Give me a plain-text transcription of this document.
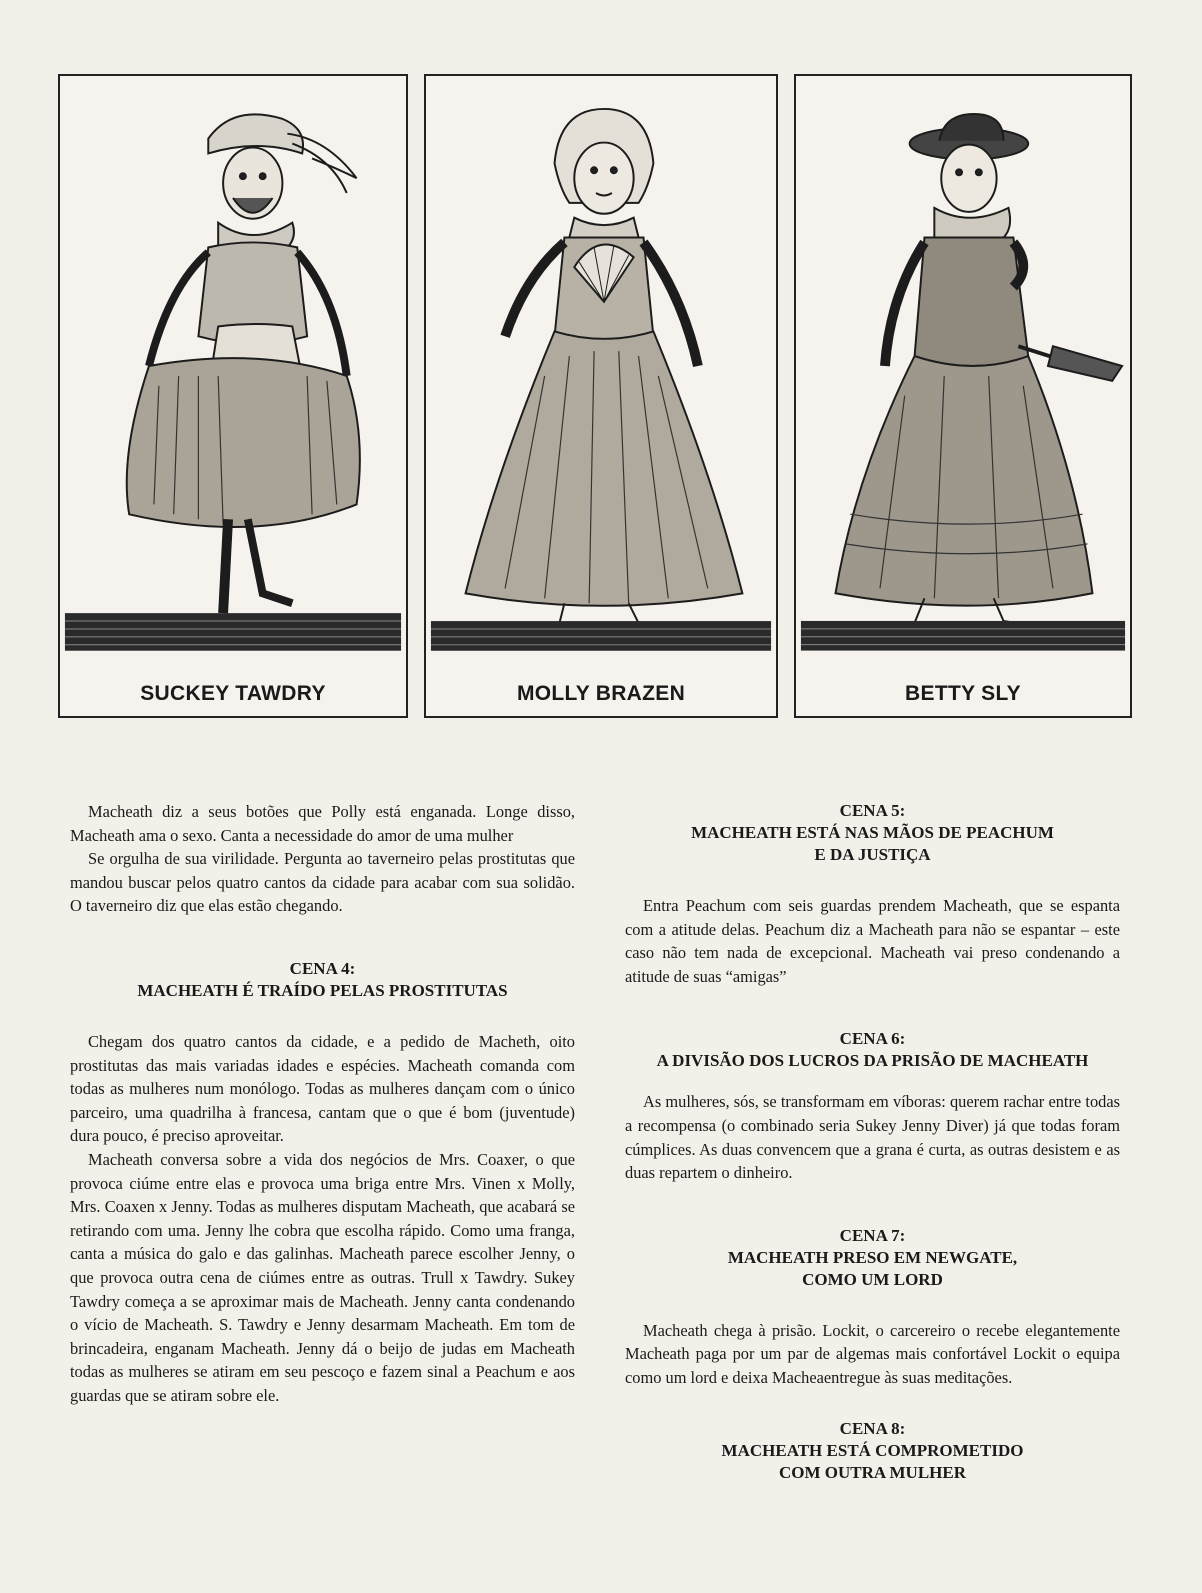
SUCKEY TAWDRY	MOLLY BRAZEN	BETTY SLY

Macheath diz a seus botões que Polly está enganada. Longe disso, Macheath ama o sexo. Canta a necessidade do amor de uma mulher

Se orgulha de sua virilidade. Pergunta ao taverneiro pelas prostitutas que mandou buscar pelos quatro cantos da cidade para acabar com sua solidão. O taverneiro diz que elas estão chegando.

CENA 4:
MACHEATH É TRAÍDO PELAS PROSTITUTAS

Chegam dos quatro cantos da cidade, e a pedido de Macheth, oito prostitutas das mais variadas idades e espécies. Macheath comanda com todas as mulheres num monólogo. Todas as mulheres dançam com o único parceiro, uma quadrilha à francesa, cantam que o que é bom (juventude) dura pouco, é preciso aproveitar.

Macheath conversa sobre a vida dos negócios de Mrs. Coaxer, o que provoca ciúme entre elas e provoca uma briga entre Mrs. Vinen x Molly, Mrs. Coaxen x Jenny. Todas as mulheres disputam Macheath, que acabará se retirando com uma. Jenny lhe cobra que escolha rápido. Como uma franga, canta a música do galo e das galinhas. Macheath parece escolher Jenny, o que provoca outra cena de ciúmes entre as outras. Trull x Tawdry. Sukey Tawdry começa a se aproximar mais de Macheath. Jenny canta condenando o vício de Macheath. S. Tawdry e Jenny desarmam Macheath. Em tom de brincadeira, enganam Macheath. Jenny dá o beijo de judas em Macheath todas as mulheres se atiram em seu pescoço e fazem sinal a Peachum e aos guardas que se atiram sobre ele.

CENA 5:
MACHEATH ESTÁ NAS MÃOS DE PEACHUM
E DA JUSTIÇA

Entra Peachum com seis guardas prendem Macheath, que se espanta com a atitude delas. Peachum diz a Macheath para não se espantar – este caso não tem nada de excepcional. Macheath vai preso condenando a atitude de suas “amigas”

CENA 6:
A DIVISÃO DOS LUCROS DA PRISÃO DE MACHEATH

As mulheres, sós, se transformam em víboras: querem rachar entre todas a recompensa (o combinado seria Sukey Jenny Diver) já que todas foram cúmplices. As duas convencem que a grana é curta, as outras desistem e as duas repartem o dinheiro.

CENA 7:
MACHEATH PRESO EM NEWGATE,
COMO UM LORD

Macheath chega à prisão. Lockit, o carcereiro o recebe elegantemente Macheath paga por um par de algemas mais confortável Lockit o equipa como um lord e deixa Macheaentregue às suas meditações.

CENA 8:
MACHEATH ESTÁ COMPROMETIDO
COM OUTRA MULHER
